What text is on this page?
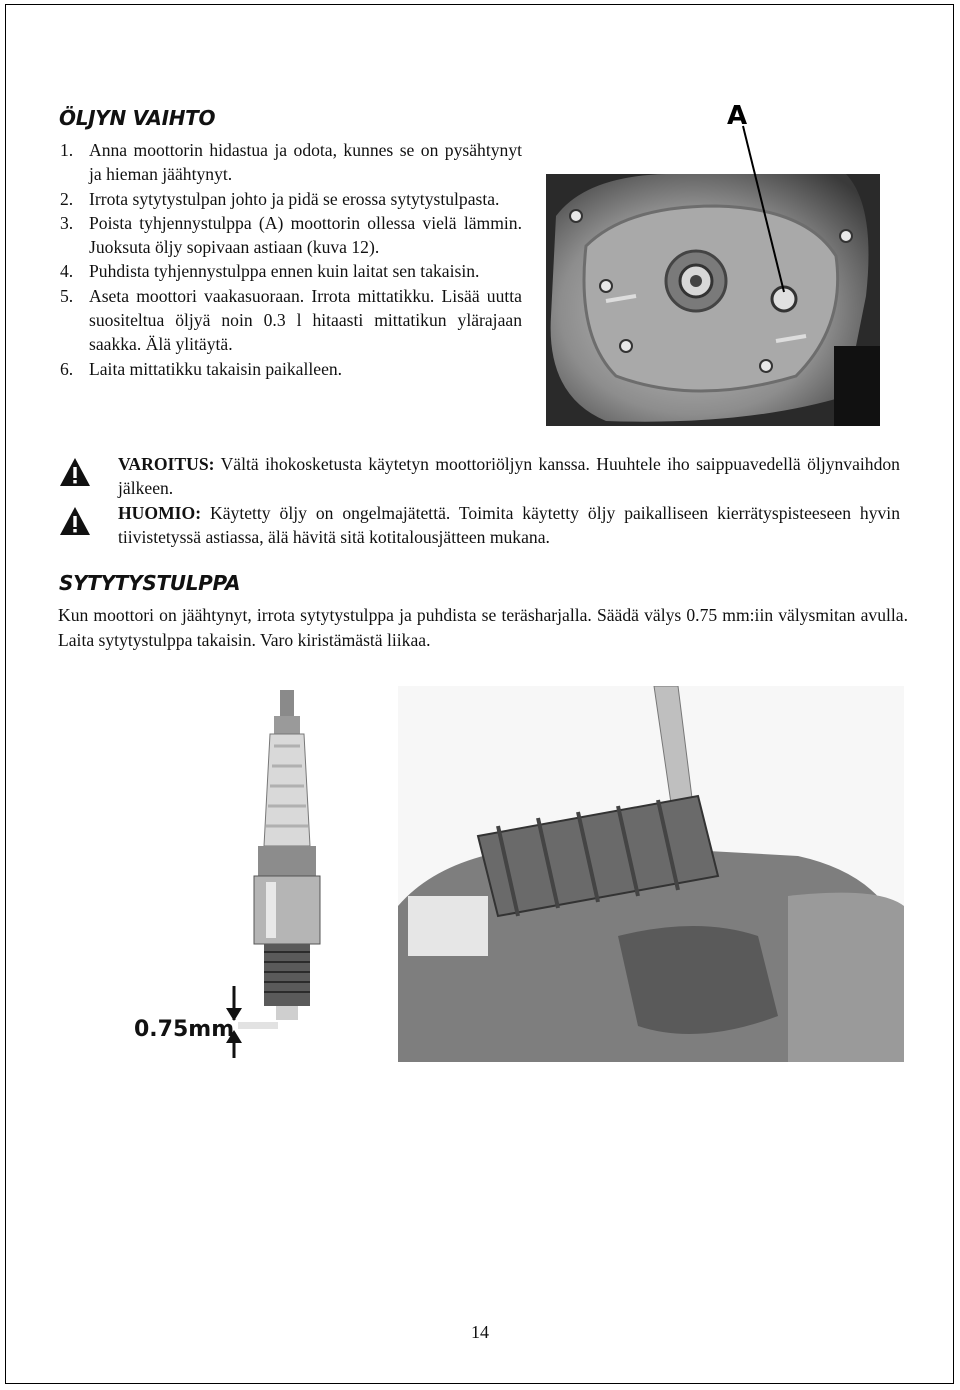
ÖLJYN VAIHTO
1. Anna moottorin hidastua ja odota, kunnes se on pysähtynyt ja hieman jäähtynyt.
2. Irrota sytytystulpan johto ja pidä se erossa sytytystulpasta.
3. Poista tyhjennystulppa (A) moottorin ollessa vielä lämmin. Juoksuta öljy sopivaan astiaan (kuva 12).
4. Puhdista tyhjennystulppa ennen kuin laitat sen takaisin.
5. Aseta moottori vaakasuoraan. Irrota mittatikku. Lisää uutta suositeltua öljyä noin 0.3 l hitaasti mittatikun ylärajaan saakka. Älä ylitäytä.
6. Laita mittatikku takaisin paikalleen.
A
VAROITUS: Vältä ihokosketusta käytetyn moottoriöljyn kanssa. Huuhtele iho saippuavedellä öljynvaihdon jälkeen.
HUOMIO: Käytetty öljy on ongelmajätettä. Toimita käytetty öljy paikalliseen kierrätyspisteeseen hyvin tiivistetyssä astiassa, älä hävitä sitä kotitalousjätteen mukana.
SYTYTYSTULPPA
Kun moottori on jäähtynyt, irrota sytytystulppa ja puhdista se teräsharjalla. Säädä välys 0.75 mm:iin välysmitan avulla. Laita sytytystulppa takaisin. Varo kiristämästä liikaa.
0.75mm
14
